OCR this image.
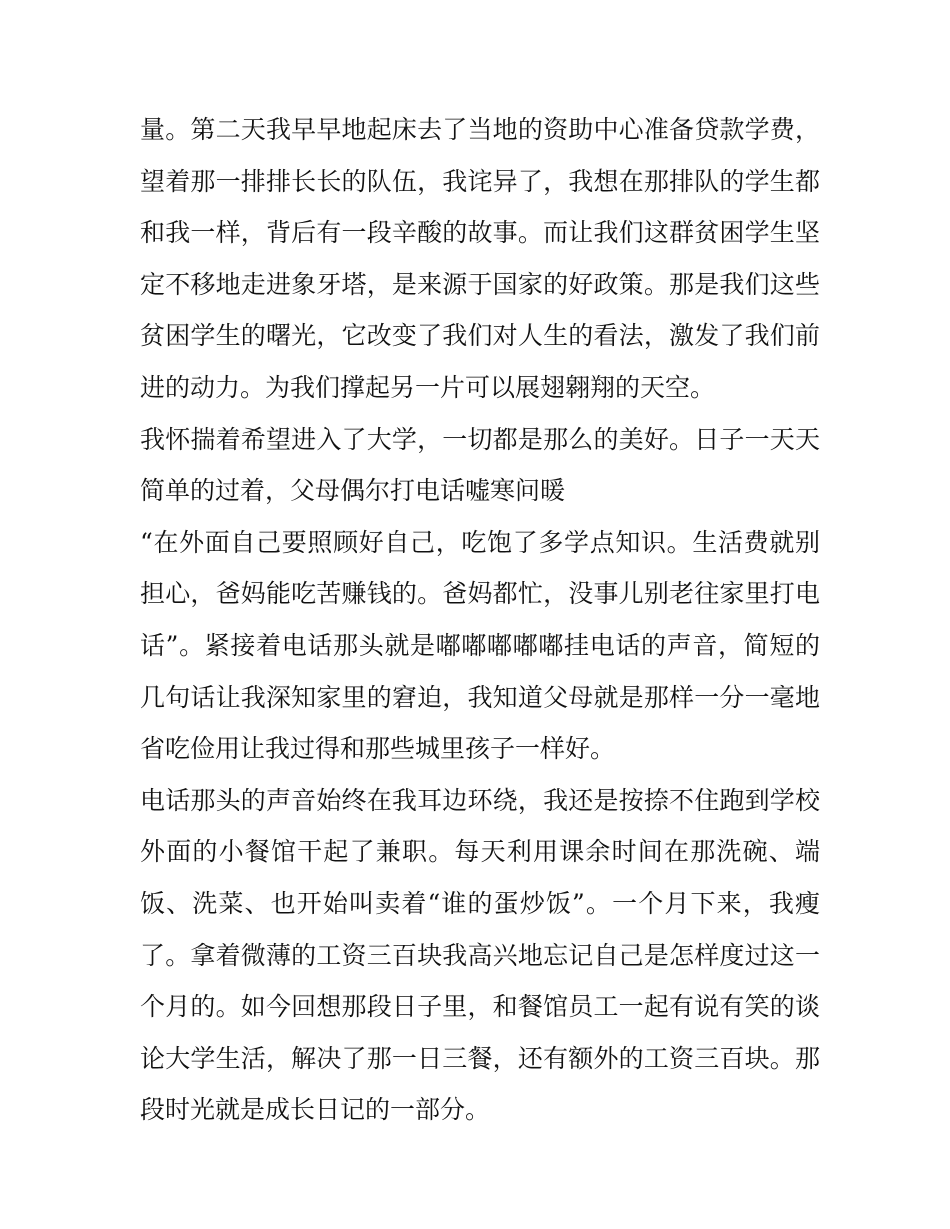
量。第二天我早早地起床去了当地的资助中心准备贷款学费，
望着那一排排长长的队伍，我诧异了，我想在那排队的学生都
和我一样，背后有一段辛酸的故事。而让我们这群贫困学生坚
定不移地走进象牙塔，是来源于国家的好政策。那是我们这些
贫困学生的曙光，它改变了我们对人生的看法，激发了我们前
进的动力。为我们撑起另一片可以展翅翱翔的天空。
我怀揣着希望进入了大学，一切都是那么的美好。日子一天天
简单的过着，父母偶尔打电话嘘寒问暖
“在外面自己要照顾好自己，吃饱了多学点知识。生活费就别
担心，爸妈能吃苦赚钱的。爸妈都忙，没事儿别老往家里打电
话”。紧接着电话那头就是嘟嘟嘟嘟嘟挂电话的声音，简短的
几句话让我深知家里的窘迫，我知道父母就是那样一分一毫地
省吃俭用让我过得和那些城里孩子一样好。
电话那头的声音始终在我耳边环绕，我还是按捺不住跑到学校
外面的小餐馆干起了兼职。每天利用课余时间在那洗碗、端
饭、洗菜、也开始叫卖着“谁的蛋炒饭”。一个月下来，我瘦
了。拿着微薄的工资三百块我高兴地忘记自己是怎样度过这一
个月的。如今回想那段日子里，和餐馆员工一起有说有笑的谈
论大学生活，解决了那一日三餐，还有额外的工资三百块。那
段时光就是成长日记的一部分。
